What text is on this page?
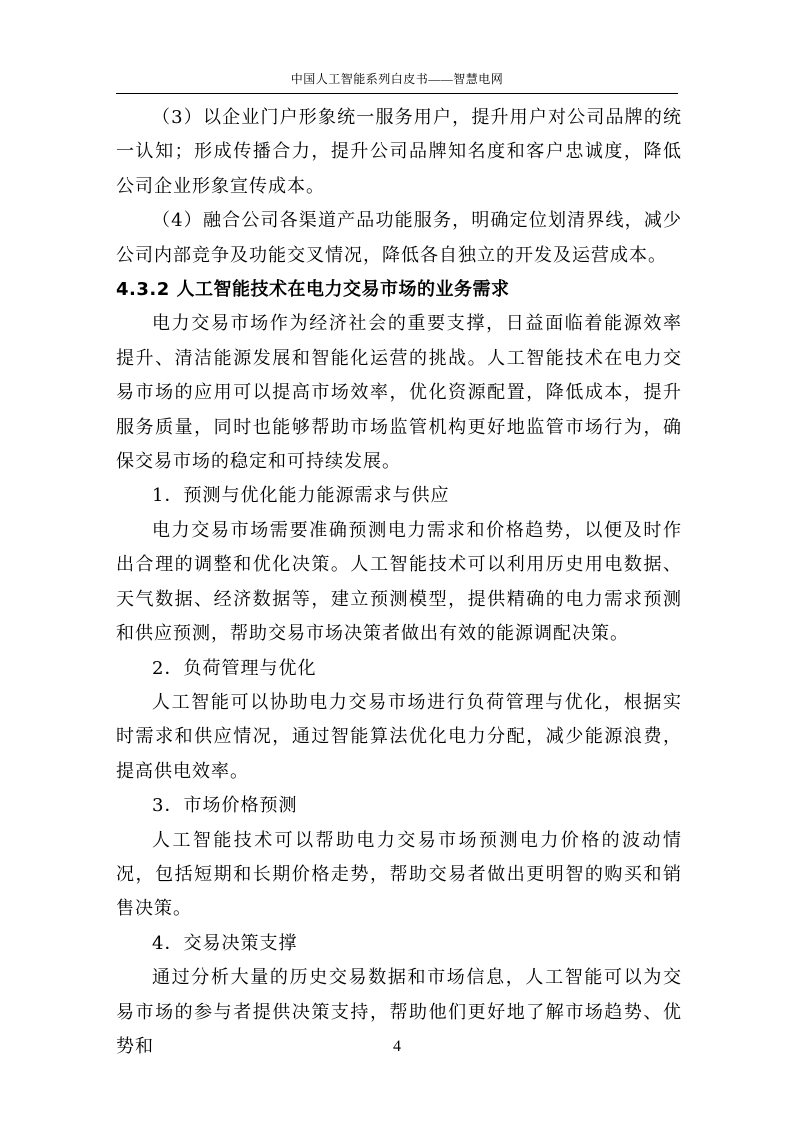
中国人工智能系列白皮书——智慧电网

（3）以企业门户形象统一服务用户，提升用户对公司品牌的统一认知；形成传播合力，提升公司品牌知名度和客户忠诚度，降低公司企业形象宣传成本。

（4）融合公司各渠道产品功能服务，明确定位划清界线，减少公司内部竞争及功能交叉情况，降低各自独立的开发及运营成本。

4.3.2 人工智能技术在电力交易市场的业务需求

电力交易市场作为经济社会的重要支撑，日益面临着能源效率提升、清洁能源发展和智能化运营的挑战。人工智能技术在电力交易市场的应用可以提高市场效率，优化资源配置，降低成本，提升服务质量，同时也能够帮助市场监管机构更好地监管市场行为，确保交易市场的稳定和可持续发展。

1．预测与优化能力能源需求与供应

电力交易市场需要准确预测电力需求和价格趋势，以便及时作出合理的调整和优化决策。人工智能技术可以利用历史用电数据、天气数据、经济数据等，建立预测模型，提供精确的电力需求预测和供应预测，帮助交易市场决策者做出有效的能源调配决策。

2．负荷管理与优化

人工智能可以协助电力交易市场进行负荷管理与优化，根据实时需求和供应情况，通过智能算法优化电力分配，减少能源浪费，提高供电效率。

3．市场价格预测

人工智能技术可以帮助电力交易市场预测电力价格的波动情况，包括短期和长期价格走势，帮助交易者做出更明智的购买和销售决策。

4．交易决策支撑

通过分析大量的历史交易数据和市场信息，人工智能可以为交易市场的参与者提供决策支持，帮助他们更好地了解市场趋势、优势和	4
